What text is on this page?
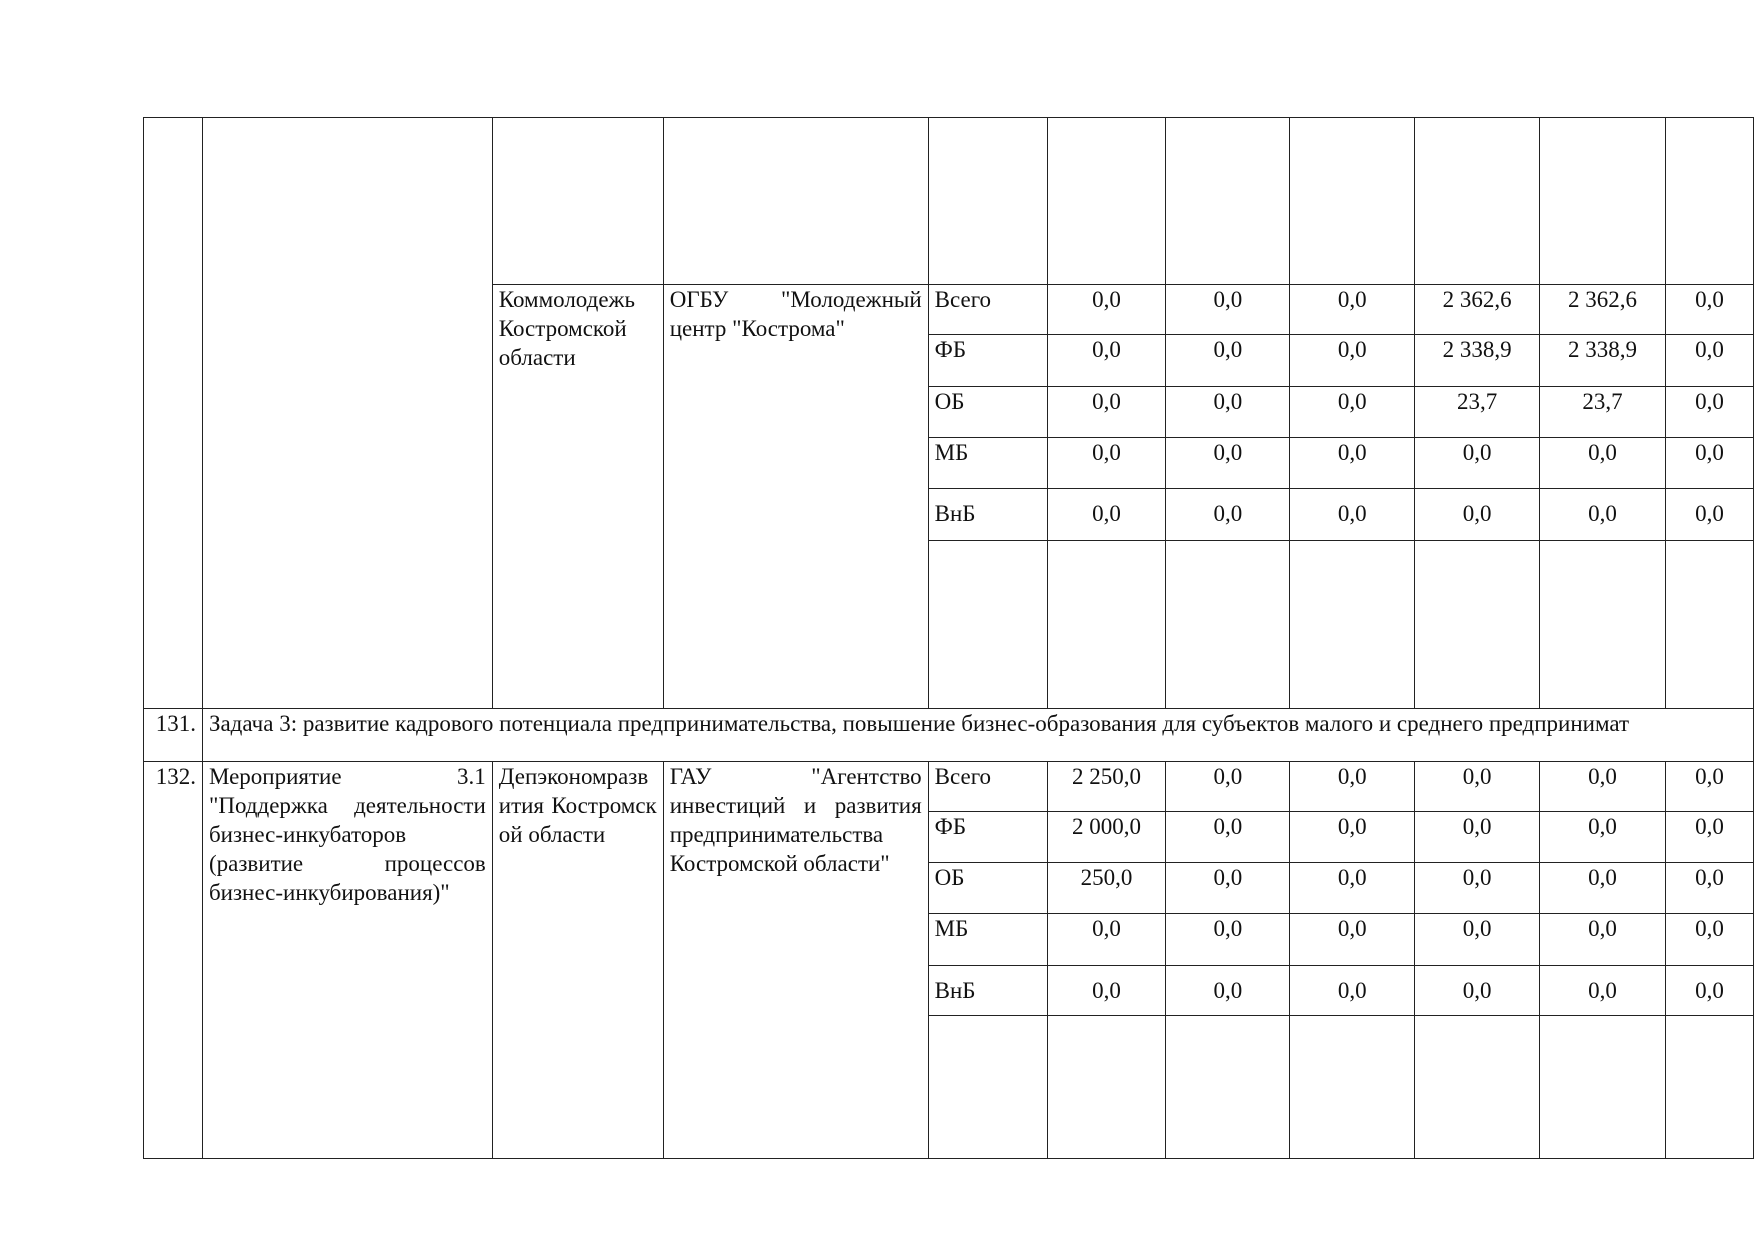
		Коммолодежь Костромской области	ОГБУ "Молодежный центр "Кострома"	Всего	0,0	0,0	0,0	2 362,6	2 362,6	0,0
				ФБ	0,0	0,0	0,0	2 338,9	2 338,9	0,0
				ОБ	0,0	0,0	0,0	23,7	23,7	0,0
				МБ	0,0	0,0	0,0	0,0	0,0	0,0
				ВнБ	0,0	0,0	0,0	0,0	0,0	0,0

131.	Задача 3: развитие кадрового потенциала предпринимательства, повышение бизнес-образования для субъектов малого и среднего предпринимат									
132.	Мероприятие 3.1 "Поддержка деятельности бизнес-инкубаторов (развитие процессов бизнес-инкубирования)"	Депэкономразвития Костромской области	ГАУ "Агентство инвестиций и развития предпринимательства Костромской области"	Всего	2 250,0	0,0	0,0	0,0	0,0	0,0
				ФБ	2 000,0	0,0	0,0	0,0	0,0	0,0
				ОБ	250,0	0,0	0,0	0,0	0,0	0,0
				МБ	0,0	0,0	0,0	0,0	0,0	0,0
				ВнБ	0,0	0,0	0,0	0,0	0,0	0,0
